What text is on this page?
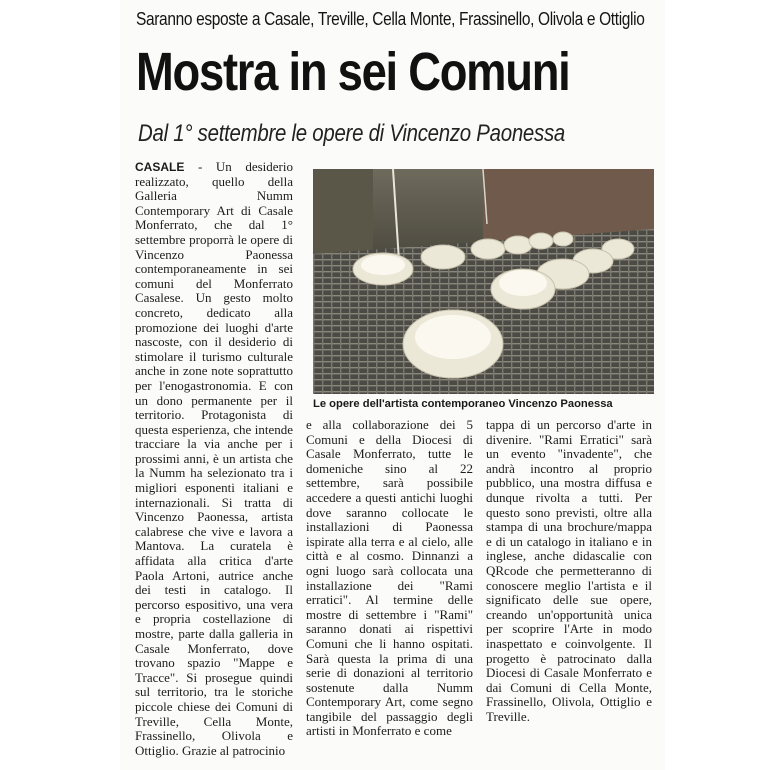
Saranno esposte a Casale, Treville, Cella Monte, Frassinello, Olivola e Ottiglio
Mostra in sei Comuni
Dal 1° settembre le opere di Vincenzo Paonessa

CASALE - Un desiderio realizzato, quello della Galleria Numm Contemporary Art di Casale Monferrato, che dal 1° settembre proporrà le opere di Vincenzo Paonessa contemporaneamente in sei comuni del Monferrato Casalese. Un gesto molto concreto, dedicato alla promozione dei luoghi d'arte nascoste, con il desiderio di stimolare il turismo culturale anche in zone note soprattutto per l'enogastronomia. E con un dono permanente per il territorio. Protagonista di questa esperienza, che intende tracciare la via anche per i prossimi anni, è un artista che la Numm ha selezionato tra i migliori esponenti italiani e internazionali. Si tratta di Vincenzo Paonessa, artista calabrese che vive e lavora a Mantova. La curatela è affidata alla critica d'arte Paola Artoni, autrice anche dei testi in catalogo. Il percorso espositivo, una vera e propria costellazione di mostre, parte dalla galleria in Casale Monferrato, dove trovano spazio "Mappe e Tracce". Si prosegue quindi sul territorio, tra le storiche piccole chiese dei Comuni di Treville, Cella Monte, Frassinello, Olivola e Ottiglio. Grazie al patrocinio

Le opere dell'artista contemporaneo Vincenzo Paonessa

e alla collaborazione dei 5 Comuni e della Diocesi di Casale Monferrato, tutte le domeniche sino al 22 settembre, sarà possibile accedere a questi antichi luoghi dove saranno collocate le installazioni di Paonessa ispirate alla terra e al cielo, alle città e al cosmo. Dinnanzi a ogni luogo sarà collocata una installazione dei "Rami erratici". Al termine delle mostre di settembre i "Rami" saranno donati ai rispettivi Comuni che li hanno ospitati. Sarà questa la prima di una serie di donazioni al territorio sostenute dalla Numm Contemporary Art, come segno tangibile del passaggio degli artisti in Monferrato e come

tappa di un percorso d'arte in divenire. "Rami Erratici" sarà un evento "invadente", che andrà incontro al proprio pubblico, una mostra diffusa e dunque rivolta a tutti. Per questo sono previsti, oltre alla stampa di una brochure/mappa e di un catalogo in italiano e in inglese, anche didascalie con QRcode che permetteranno di conoscere meglio l'artista e il significato delle sue opere, creando un'opportunità unica per scoprire l'Arte in modo inaspettato e coinvolgente. Il progetto è patrocinato dalla Diocesi di Casale Monferrato e dai Comuni di Cella Monte, Frassinello, Olivola, Ottiglio e Treville.
